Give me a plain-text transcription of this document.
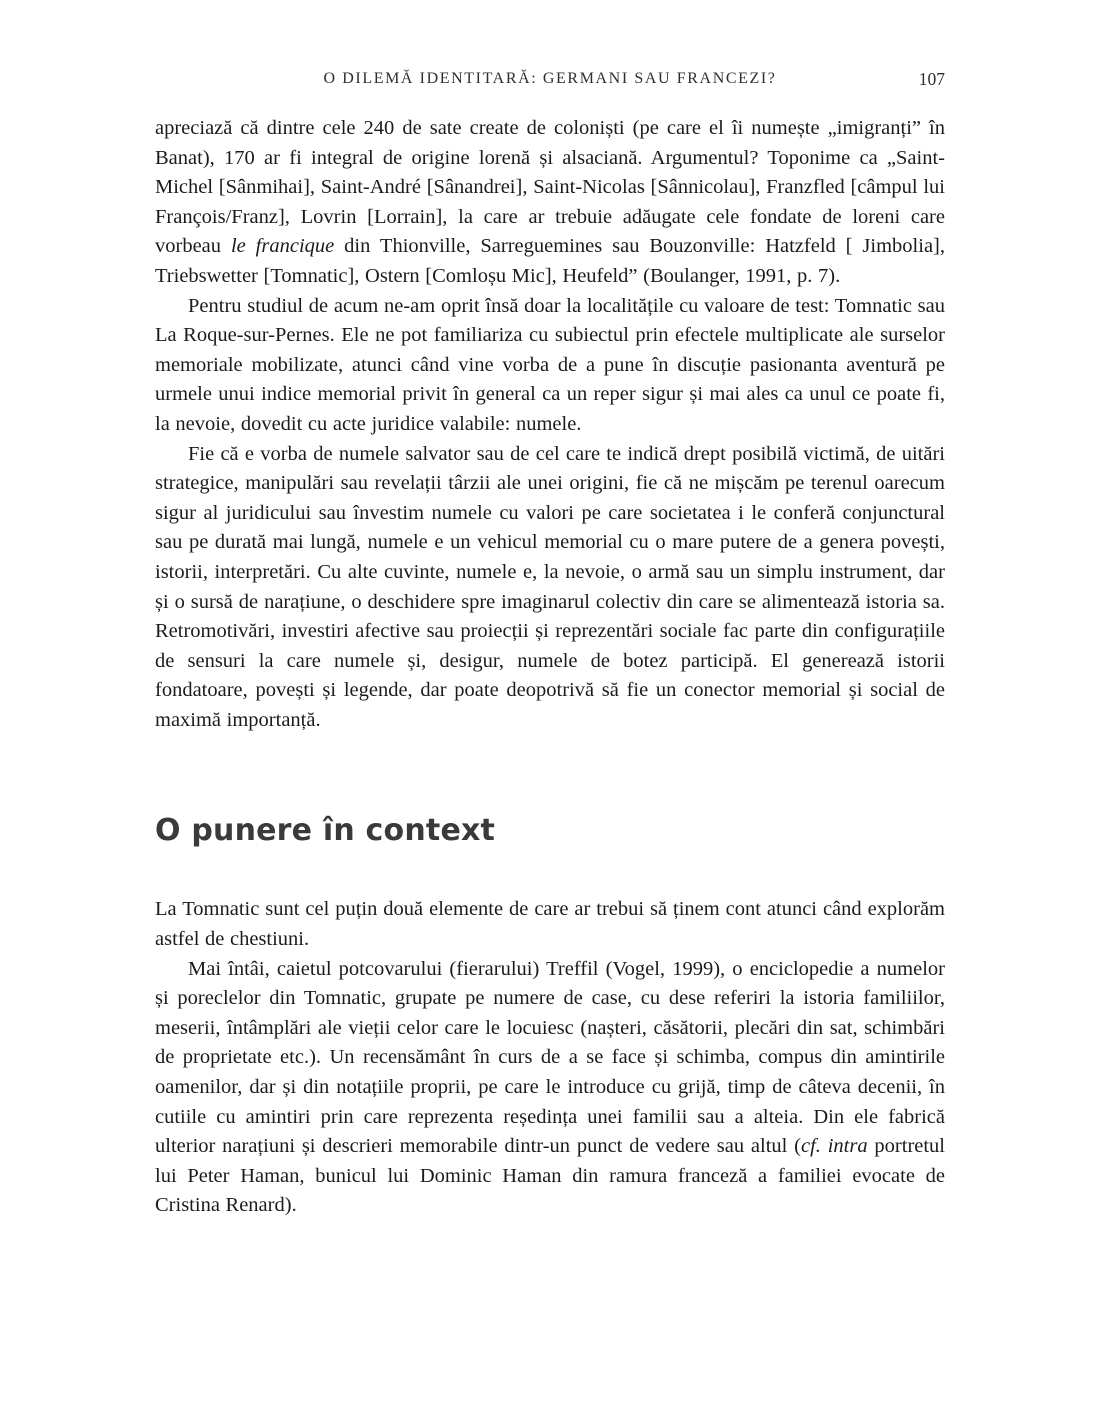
O DILEMĂ IDENTITARĂ: GERMANI SAU FRANCEZI?	107

apreciază că dintre cele 240 de sate create de coloniști (pe care el îi numește „imigranți” în Banat), 170 ar fi integral de origine lorenă și alsaciană. Argumentul? Toponime ca „Saint-Michel [Sânmihai], Saint-André [Sânandrei], Saint-Nicolas [Sânnicolau], Franzfled [câmpul lui François/Franz], Lovrin [Lorrain], la care ar trebuie adăugate cele fondate de loreni care vorbeau le francique din Thionville, Sarreguemines sau Bouzonville: Hatzfeld [ Jimbolia], Triebswetter [Tomnatic], Ostern [Comloșu Mic], Heufeld” (Boulanger, 1991, p. 7).

Pentru studiul de acum ne-am oprit însă doar la localitățile cu valoare de test: Tomnatic sau La Roque-sur-Pernes. Ele ne pot familiariza cu subiectul prin efectele multiplicate ale surselor memoriale mobilizate, atunci când vine vorba de a pune în discuție pasionanta aventură pe urmele unui indice memorial privit în general ca un reper sigur și mai ales ca unul ce poate fi, la nevoie, dovedit cu acte juridice valabile: numele.

Fie că e vorba de numele salvator sau de cel care te indică drept posibilă victimă, de uitări strategice, manipulări sau revelații târzii ale unei origini, fie că ne mișcăm pe terenul oarecum sigur al juridicului sau învestim numele cu valori pe care societatea i le conferă conjunctural sau pe durată mai lungă, numele e un vehicul memorial cu o mare putere de a genera povești, istorii, interpretări. Cu alte cuvinte, numele e, la nevoie, o armă sau un simplu instrument, dar și o sursă de narațiune, o deschidere spre imaginarul colectiv din care se alimentează istoria sa. Retromotivări, investiri afective sau proiecții și reprezentări sociale fac parte din configurațiile de sensuri la care numele și, desigur, numele de botez participă. El generează istorii fondatoare, povești și legende, dar poate deopotrivă să fie un conector memorial și social de maximă importanță.

O punere în context

La Tomnatic sunt cel puțin două elemente de care ar trebui să ținem cont atunci când explorăm astfel de chestiuni.

Mai întâi, caietul potcovarului (fierarului) Treffil (Vogel, 1999), o enciclopedie a numelor și poreclelor din Tomnatic, grupate pe numere de case, cu dese referiri la istoria familiilor, meserii, întâmplări ale vieții celor care le locuiesc (nașteri, căsătorii, plecări din sat, schimbări de proprietate etc.). Un recensământ în curs de a se face și schimba, compus din amintirile oamenilor, dar și din notațiile proprii, pe care le introduce cu grijă, timp de câteva decenii, în cutiile cu amintiri prin care reprezenta reședința unei familii sau a alteia. Din ele fabrică ulterior narațiuni și descrieri memorabile dintr-un punct de vedere sau altul (cf. intra portretul lui Peter Haman, bunicul lui Dominic Haman din ramura franceză a familiei evocate de Cristina Renard).
